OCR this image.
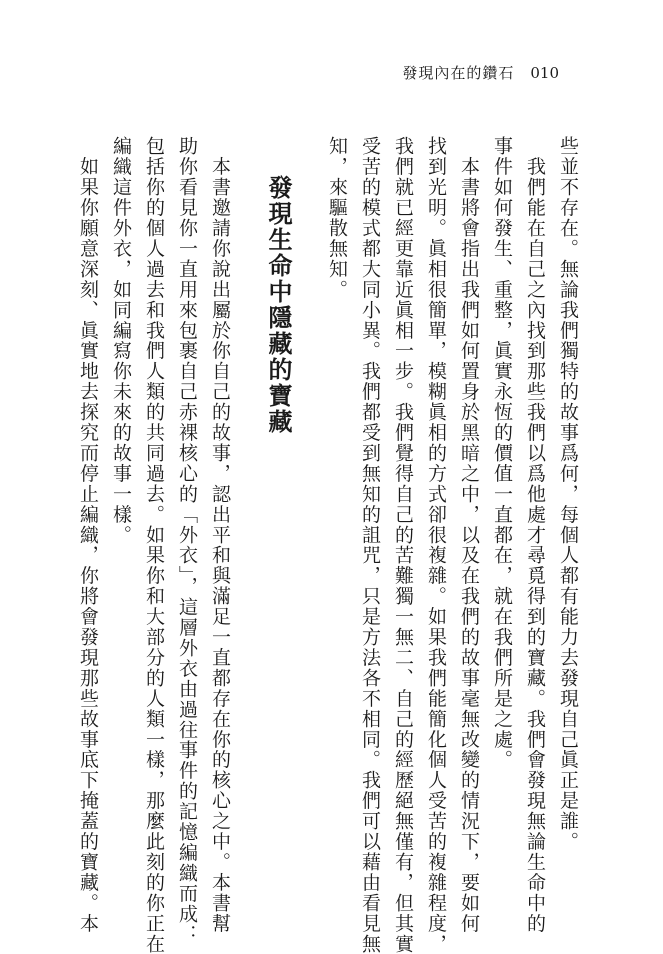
發現內在的鑽石 010
些並不存在。無論我們獨特的故事爲何，每個人都有能力去發現自己眞正是誰。
　我們能在自己之內找到那些我們以爲他處才尋覓得到的寶藏。我們會發現無論生命中的
事件如何發生、重整，眞實永恆的價值一直都在，就在我們所是之處。
　本書將會指出我們如何置身於黑暗之中，以及在我們的故事毫無改變的情況下，要如何
找到光明。眞相很簡單，模糊眞相的方式卻很複雜。如果我們能簡化個人受苦的複雜程度，
我們就已經更靠近眞相一步。我們覺得自己的苦難獨一無二、自己的經歷絕無僅有，但其實
受苦的模式都大同小異。我們都受到無知的詛咒，只是方法各不相同。我們可以藉由看見無
知，來驅散無知。
發現生命中隱藏的寶藏
　本書邀請你說出屬於你自己的故事，認出平和與滿足一直都存在你的核心之中。本書幫
助你看見你一直用來包裹自己赤裸核心的「外衣」，這層外衣由過往事件的記憶編織而成：
包括你的個人過去和我們人類的共同過去。如果你和大部分的人類一樣，那麼此刻的你正在
編織這件外衣，如同編寫你未來的故事一樣。
　如果你願意深刻、眞實地去探究而停止編織，你將會發現那些故事底下掩蓋的寶藏。本
